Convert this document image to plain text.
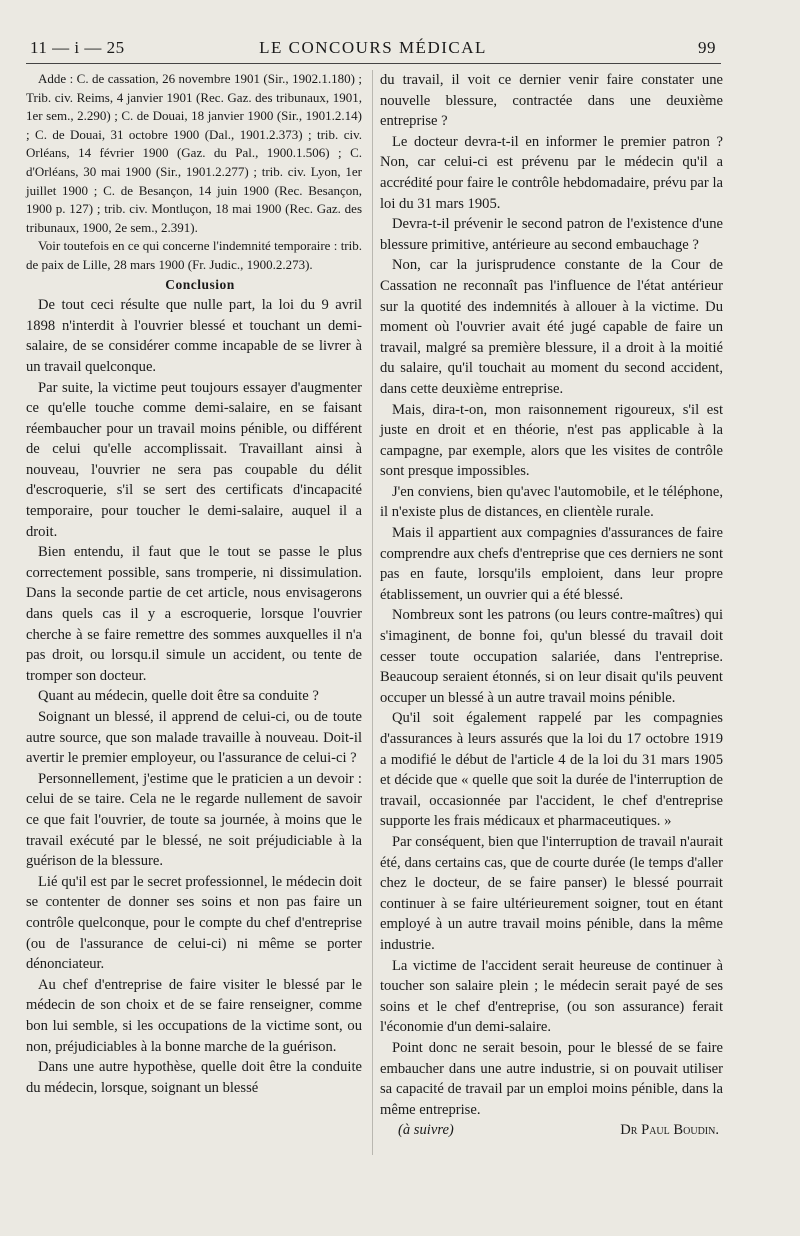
11 — i — 25	LE CONCOURS MÉDICAL	99

Adde : C. de cassation, 26 novembre 1901 (Sir., 1902.1.180) ; Trib. civ. Reims, 4 janvier 1901 (Rec. Gaz. des tribunaux, 1901, 1er sem., 2.290) ; C. de Douai, 18 janvier 1900 (Sir., 1901.2.14) ; C. de Douai, 31 octobre 1900 (Dal., 1901.2.373) ; trib. civ. Orléans, 14 février 1900 (Gaz. du Pal., 1900.1.506) ; C. d'Orléans, 30 mai 1900 (Sir., 1901.2.277) ; trib. civ. Lyon, 1er juillet 1900 ; C. de Besançon, 14 juin 1900 (Rec. Besançon, 1900 p. 127) ; trib. civ. Montluçon, 18 mai 1900 (Rec. Gaz. des tribunaux, 1900, 2e sem., 2.391).

Voir toutefois en ce qui concerne l'indemnité temporaire : trib. de paix de Lille, 28 mars 1900 (Fr. Judic., 1900.2.273).

Conclusion

De tout ceci résulte que nulle part, la loi du 9 avril 1898 n'interdit à l'ouvrier blessé et touchant un demi-salaire, de se considérer comme incapable de se livrer à un travail quelconque.

Par suite, la victime peut toujours essayer d'augmenter ce qu'elle touche comme demi-salaire, en se faisant réembaucher pour un travail moins pénible, ou différent de celui qu'elle accomplissait. Travaillant ainsi à nouveau, l'ouvrier ne sera pas coupable du délit d'escroquerie, s'il se sert des certificats d'incapacité temporaire, pour toucher le demi-salaire, auquel il a droit.

Bien entendu, il faut que le tout se passe le plus correctement possible, sans tromperie, ni dissimulation. Dans la seconde partie de cet article, nous envisagerons dans quels cas il y a escroquerie, lorsque l'ouvrier cherche à se faire remettre des sommes auxquelles il n'a pas droit, ou lorsqu.il simule un accident, ou tente de tromper son docteur.

Quant au médecin, quelle doit être sa conduite ?

Soignant un blessé, il apprend de celui-ci, ou de toute autre source, que son malade travaille à nouveau. Doit-il avertir le premier employeur, ou l'assurance de celui-ci ?

Personnellement, j'estime que le praticien a un devoir : celui de se taire. Cela ne le regarde nullement de savoir ce que fait l'ouvrier, de toute sa journée, à moins que le travail exécuté par le blessé, ne soit préjudiciable à la guérison de la blessure.

Lié qu'il est par le secret professionnel, le médecin doit se contenter de donner ses soins et non pas faire un contrôle quelconque, pour le compte du chef d'entreprise (ou de l'assurance de celui-ci) ni même se porter dénonciateur.

Au chef d'entreprise de faire visiter le blessé par le médecin de son choix et de se faire renseigner, comme bon lui semble, si les occupations de la victime sont, ou non, préjudiciables à la bonne marche de la guérison.

Dans une autre hypothèse, quelle doit être la conduite du médecin, lorsque, soignant un blessé

du travail, il voit ce dernier venir faire constater une nouvelle blessure, contractée dans une deuxième entreprise ?

Le docteur devra-t-il en informer le premier patron ? Non, car celui-ci est prévenu par le médecin qu'il a accrédité pour faire le contrôle hebdomadaire, prévu par la loi du 31 mars 1905.

Devra-t-il prévenir le second patron de l'existence d'une blessure primitive, antérieure au second embauchage ?

Non, car la jurisprudence constante de la Cour de Cassation ne reconnaît pas l'influence de l'état antérieur sur la quotité des indemnités à allouer à la victime. Du moment où l'ouvrier avait été jugé capable de faire un travail, malgré sa première blessure, il a droit à la moitié du salaire, qu'il touchait au moment du second accident, dans cette deuxième entreprise.

Mais, dira-t-on, mon raisonnement rigoureux, s'il est juste en droit et en théorie, n'est pas applicable à la campagne, par exemple, alors que les visites de contrôle sont presque impossibles.

J'en conviens, bien qu'avec l'automobile, et le téléphone, il n'existe plus de distances, en clientèle rurale.

Mais il appartient aux compagnies d'assurances de faire comprendre aux chefs d'entreprise que ces derniers ne sont pas en faute, lorsqu'ils emploient, dans leur propre établissement, un ouvrier qui a été blessé.

Nombreux sont les patrons (ou leurs contre-maîtres) qui s'imaginent, de bonne foi, qu'un blessé du travail doit cesser toute occupation salariée, dans l'entreprise. Beaucoup seraient étonnés, si on leur disait qu'ils peuvent occuper un blessé à un autre travail moins pénible.

Qu'il soit également rappelé par les compagnies d'assurances à leurs assurés que la loi du 17 octobre 1919 a modifié le début de l'article 4 de la loi du 31 mars 1905 et décide que « quelle que soit la durée de l'interruption de travail, occasionnée par l'accident, le chef d'entreprise supporte les frais médicaux et pharmaceutiques. »

Par conséquent, bien que l'interruption de travail n'aurait été, dans certains cas, que de courte durée (le temps d'aller chez le docteur, de se faire panser) le blessé pourrait continuer à se faire ultérieurement soigner, tout en étant employé à un autre travail moins pénible, dans la même industrie.

La victime de l'accident serait heureuse de continuer à toucher son salaire plein ; le médecin serait payé de ses soins et le chef d'entreprise, (ou son assurance) ferait l'économie d'un demi-salaire.

Point donc ne serait besoin, pour le blessé de se faire embaucher dans une autre industrie, si on pouvait utiliser sa capacité de travail par un emploi moins pénible, dans la même entreprise.

(à suivre)	Dr Paul Boudin.
